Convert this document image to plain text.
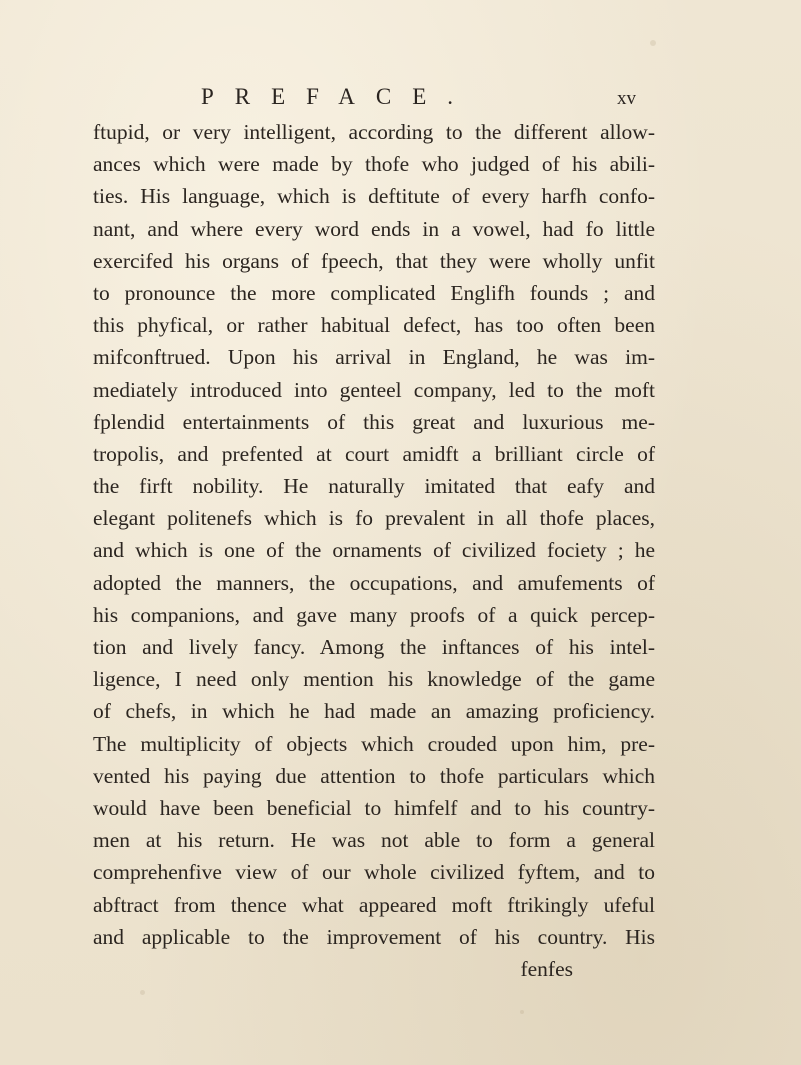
PREFACE.	xv
ftupid, or very intelligent, according to the different allow-
ances which were made by thofe who judged of his abili-
ties. His language, which is deftitute of every harfh confo-
nant, and where every word ends in a vowel, had fo little
exercifed his organs of fpeech, that they were wholly unfit
to pronounce the more complicated Englifh founds ; and
this phyfical, or rather habitual defect, has too often been
mifconftrued. Upon his arrival in England, he was im-
mediately introduced into genteel company, led to the moft
fplendid entertainments of this great and luxurious me-
tropolis, and prefented at court amidft a brilliant circle of
the firft nobility. He naturally imitated that eafy and
elegant politenefs which is fo prevalent in all thofe places,
and which is one of the ornaments of civilized fociety ; he
adopted the manners, the occupations, and amufements of
his companions, and gave many proofs of a quick percep-
tion and lively fancy. Among the inftances of his intel-
ligence, I need only mention his knowledge of the game
of chefs, in which he had made an amazing proficiency.
The multiplicity of objects which crouded upon him, pre-
vented his paying due attention to thofe particulars which
would have been beneficial to himfelf and to his country-
men at his return. He was not able to form a general
comprehenfive view of our whole civilized fyftem, and to
abftract from thence what appeared moft ftrikingly ufeful
and applicable to the improvement of his country. His
fenfes
